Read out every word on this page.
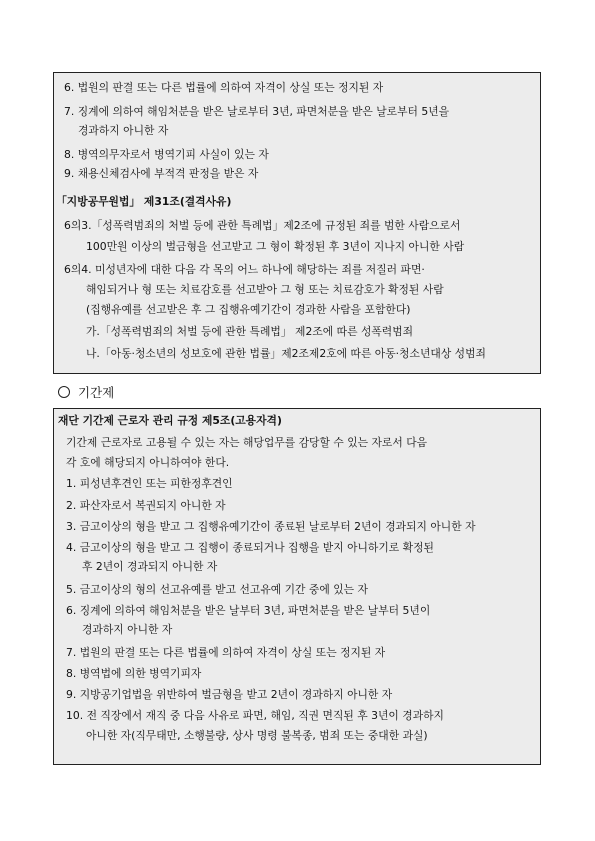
6. 법원의 판결 또는 다른 법률에 의하여 자격이 상실 또는 정지된 자
7. 징계에 의하여 해임처분을 받은 날로부터 3년, 파면처분을 받은 날로부터 5년을
경과하지 아니한 자
8. 병역의무자로서 병역기피 사실이 있는 자
9. 채용신체검사에 부적격 판정을 받은 자
「지방공무원법」 제31조(결격사유)
6의3.「성폭력범죄의 처벌 등에 관한 특례법」제2조에 규정된 죄를 범한 사람으로서
100만원 이상의 벌금형을 선고받고 그 형이 확정된 후 3년이 지나지 아니한 사람
6의4. 미성년자에 대한 다음 각 목의 어느 하나에 해당하는 죄를 저질러 파면·
해임되거나 형 또는 치료감호를 선고받아 그 형 또는 치료감호가 확정된 사람
(집행유예를 선고받은 후 그 집행유예기간이 경과한 사람을 포함한다)
가.「성폭력범죄의 처벌 등에 관한 특례법」 제2조에 따른 성폭력범죄
나.「아동·청소년의 성보호에 관한 법률」제2조제2호에 따른 아동·청소년대상 성범죄
기간제
재단 기간제 근로자 관리 규정 제5조(고용자격)
기간제 근로자로 고용될 수 있는 자는 해당업무를 감당할 수 있는 자로서 다음
각 호에 해당되지 아니하여야 한다.
1. 피성년후견인 또는 피한정후견인
2. 파산자로서 복권되지 아니한 자
3. 금고이상의 형을 받고 그 집행유예기간이 종료된 날로부터 2년이 경과되지 아니한 자
4. 금고이상의 형을 받고 그 집행이 종료되거나 집행을 받지 아니하기로 확정된
후 2년이 경과되지 아니한 자
5. 금고이상의 형의 선고유예를 받고 선고유예 기간 중에 있는 자
6. 징계에 의하여 해임처분을 받은 날부터 3년, 파면처분을 받은 날부터 5년이
경과하지 아니한 자
7. 법원의 판결 또는 다른 법률에 의하여 자격이 상실 또는 정지된 자
8. 병역법에 의한 병역기피자
9. 지방공기업법을 위반하여 벌금형을 받고 2년이 경과하지 아니한 자
10. 전 직장에서 재직 중 다음 사유로 파면, 해임, 직권 면직된 후 3년이 경과하지
아니한 자(직무태만, 소행불량, 상사 명령 불복종, 범죄 또는 중대한 과실)
